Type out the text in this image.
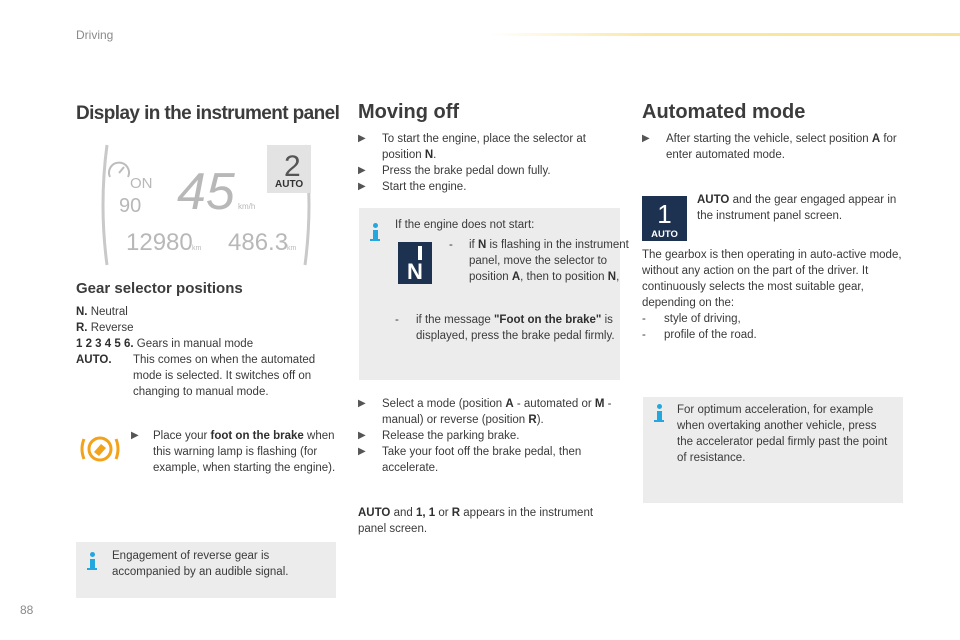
Driving
Display in the instrument panel
ON
90 45 km/h
2
AUTO
12980 km 486.3
km
Gear selector positions
N. Neutral
R. Reverse
1 2 3 4 5 6. Gears in manual mode
AUTO. This comes on when the automated mode is selected. It switches off on changing to manual mode.
▶ Place your foot on the brake when this warning lamp is flashing (for example, when starting the engine).
Engagement of reverse gear is accompanied by an audible signal.
Moving off
▶ To start the engine, place the selector at position N.
▶ Press the brake pedal down fully.
▶ Start the engine.
If the engine does not start:
- if N is flashing in the instrument panel, move the selector to position A, then to position N,
- if the message "Foot on the brake" is displayed, press the brake pedal firmly.
N
▶ Select a mode (position A - automated or M - manual) or reverse (position R).
▶ Release the parking brake.
▶ Take your foot off the brake pedal, then accelerate.
AUTO and 1, 1 or R appears in the instrument panel screen.
Automated mode
▶ After starting the vehicle, select position A for enter automated mode.
1
AUTO
AUTO and the gear engaged appear in the instrument panel screen.
The gearbox is then operating in auto-active mode, without any action on the part of the driver. It continuously selects the most suitable gear, depending on the:
- style of driving,
- profile of the road.
For optimum acceleration, for example when overtaking another vehicle, press the accelerator pedal firmly past the point of resistance.
88
